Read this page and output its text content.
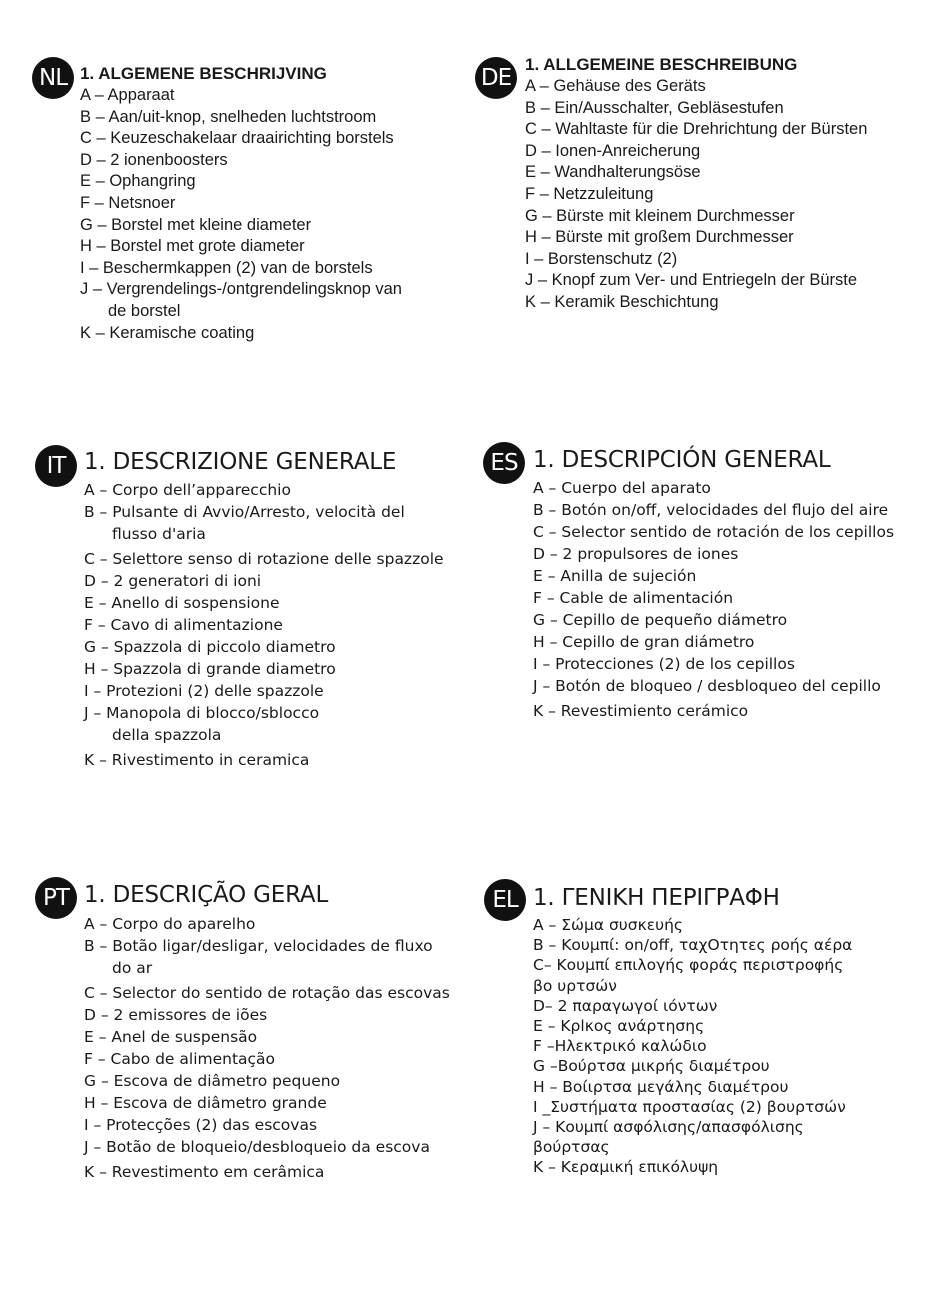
NL 1. ALGEMENE BESCHRIJVING
A – Apparaat
B – Aan/uit-knop, snelheden luchtstroom
C – Keuzeschakelaar draairichting borstels
D – 2 ionenboosters
E – Ophangring
F – Netsnoer
G – Borstel met kleine diameter
H – Borstel met grote diameter
I – Beschermkappen (2) van de borstels
J – Vergrendelings-/ontgrendelingsknop van
de borstel
K – Keramische coating
DE
1. ALLGEMEINE BESCHREIBUNG
A – Gehäuse des Geräts
B – Ein/Ausschalter, Gebläsestufen
C – Wahltaste für die Drehrichtung der Bürsten
D – Ionen-Anreicherung
E – Wandhalterungsöse
F – Netzzuleitung
G – Bürste mit kleinem Durchmesser
H – Bürste mit großem Durchmesser
I – Borstenschutz (2)
J – Knopf zum Ver- und Entriegeln der Bürste
K – Keramik Beschichtung
IT 1. DESCRIZIONE GENERALE
A – Corpo dell’apparecchio
B – Pulsante di Avvio/Arresto, velocità del
flusso d'aria
C – Selettore senso di rotazione delle spazzole
D – 2 generatori di ioni
E – Anello di sospensione
F – Cavo di alimentazione
G – Spazzola di piccolo diametro
H – Spazzola di grande diametro
I – Protezioni (2) delle spazzole
J – Manopola di blocco/sblocco
della spazzola
K – Rivestimento in ceramica
ES 1. DESCRIPCIÓN GENERAL
A – Cuerpo del aparato
B – Botón on/off, velocidades del flujo del aire
C – Selector sentido de rotación de los cepillos
D – 2 propulsores de iones
E – Anilla de sujeción
F – Cable de alimentación
G – Cepillo de pequeño diámetro
H – Cepillo de gran diámetro
I – Protecciones (2) de los cepillos
J – Botón de bloqueo / desbloqueo del cepillo
K – Revestimiento cerámico
PT 1. DESCRIÇÃO GERAL
A – Corpo do aparelho
B – Botão ligar/desligar, velocidades de fluxo
do ar
C – Selector do sentido de rotação das escovas
D – 2 emissores de iões
E – Anel de suspensão
F – Cabo de alimentação
G – Escova de diâmetro pequeno
H – Escova de diâmetro grande
I – Protecções (2) das escovas
J – Botão de bloqueio/desbloqueio da escova
K – Revestimento em cerâmica
EL 1. ΓΕΝΙΚΗ ΠΕΡΙΓΡΑΦΗ
A – Σώμα συσκευής
B – Κουμπί: on/off, ταχΟτητες ροής αέρα
C– Κουμπί επιλογής φοράς περιστροφής
βο υρτσών
D– 2 παραγωγοί ιόντων
E – Κρlκος ανάρτησης
F –Ηλεκτρικό καλώδιο
G –Βούρτσα μικρής διαμέτρου
H – Βοίιρτσα μεγάλης διαμέτρου
I _Συστήματα προστασίας (2) βουρτσών
J – Κουμπί ασφόλισης/απασφόλισης
βούρτσας
K – Κεραμική επικόλυψη
